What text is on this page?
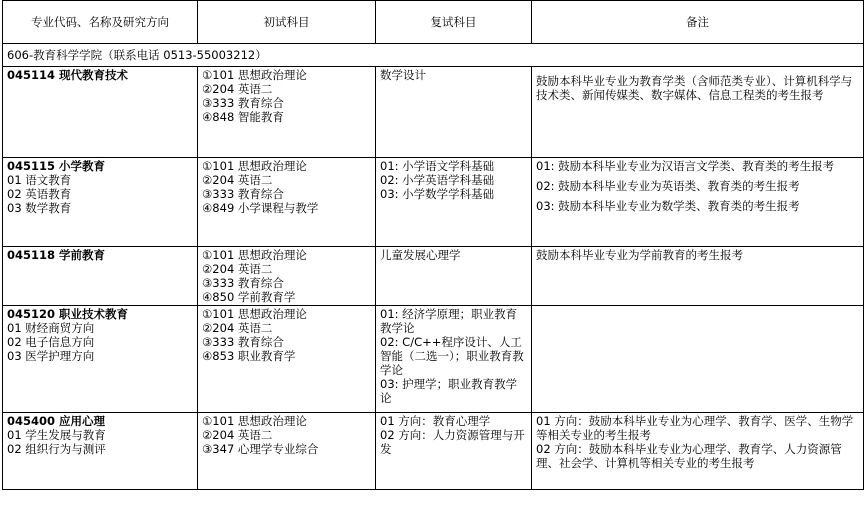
专业代码、名称及研究方向	初试科目	复试科目	备注
606-教育科学学院（联系电话 0513-55003212）			

045114 现代教育技术	①101 思想政治理论
②204 英语二
③333 教育综合
④848 智能教育	数学设计	鼓励本科毕业专业为教育学类（含师范类专业）、计算机科学与技术类、新闻传媒类、数字媒体、信息工程类的考生报考

045115 小学教育
01 语文教育
02 英语教育
03 数学教育	①101 思想政治理论
②204 英语二
③333 教育综合
④849 小学课程与教学	01: 小学语文学科基础
02: 小学英语学科基础
03: 小学数学学科基础	01: 鼓励本科毕业专业为汉语言文学类、教育类的考生报考
02: 鼓励本科毕业专业为英语类、教育类的考生报考
03: 鼓励本科毕业专业为数学类、教育类的考生报考

045118 学前教育	①101 思想政治理论
②204 英语二
③333 教育综合
④850 学前教育学	儿童发展心理学	鼓励本科毕业专业为学前教育的考生报考

045120 职业技术教育
01 财经商贸方向
02 电子信息方向
03 医学护理方向	①101 思想政治理论
②204 英语二
③333 教育综合
④853 职业教育学	01: 经济学原理；职业教育教学论
02: C/C++程序设计、人工智能（二选一）；职业教育教学论
03: 护理学；职业教育教学论	

045400 应用心理
01 学生发展与教育
02 组织行为与测评	①101 思想政治理论
②204 英语二
③347 心理学专业综合	01 方向：教育心理学
02 方向：人力资源管理与开发	01 方向：鼓励本科毕业专业为心理学、教育学、医学、生物学等相关专业的考生报考
02 方向：鼓励本科毕业专业为心理学、教育学、人力资源管理、社会学、计算机等相关专业的考生报考
